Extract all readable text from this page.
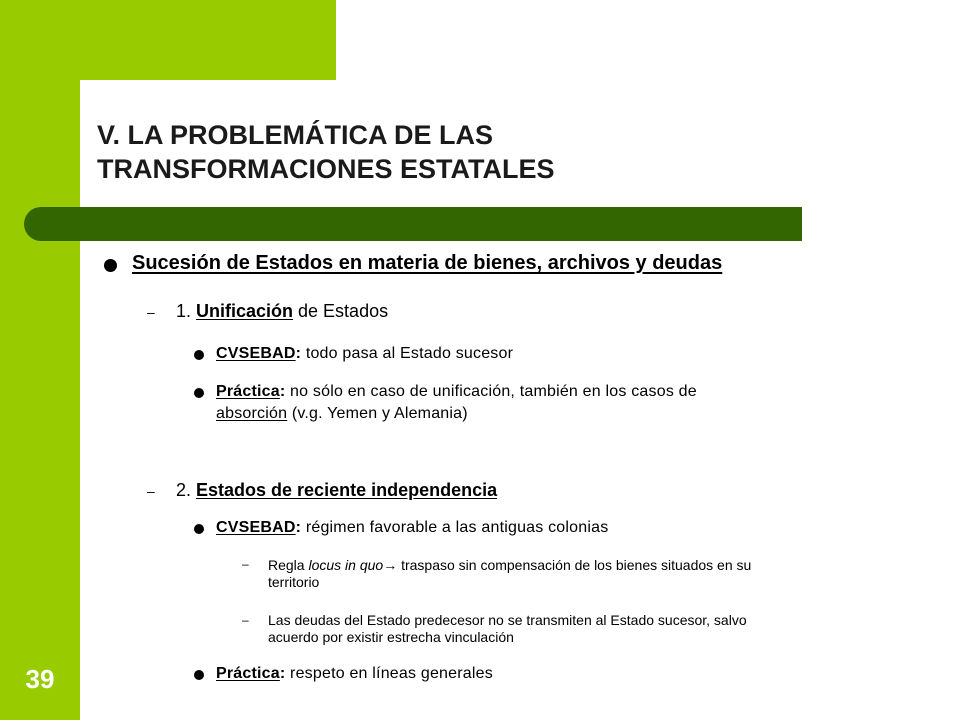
39
V. LA PROBLEMÁTICA DE LAS
TRANSFORMACIONES ESTATALES
Sucesión de Estados en materia de bienes, archivos y deudas
– 1. Unificación de Estados
CVSEBAD: todo pasa al Estado sucesor
Práctica: no sólo en caso de unificación, también en los casos de
absorción (v.g. Yemen y Alemania)
– 2. Estados de reciente independencia
CVSEBAD: régimen favorable a las antiguas colonias
– Regla locus in quo→ traspaso sin compensación de los bienes situados en su
territorio
– Las deudas del Estado predecesor no se transmiten al Estado sucesor, salvo
acuerdo por existir estrecha vinculación
Práctica: respeto en líneas generales
